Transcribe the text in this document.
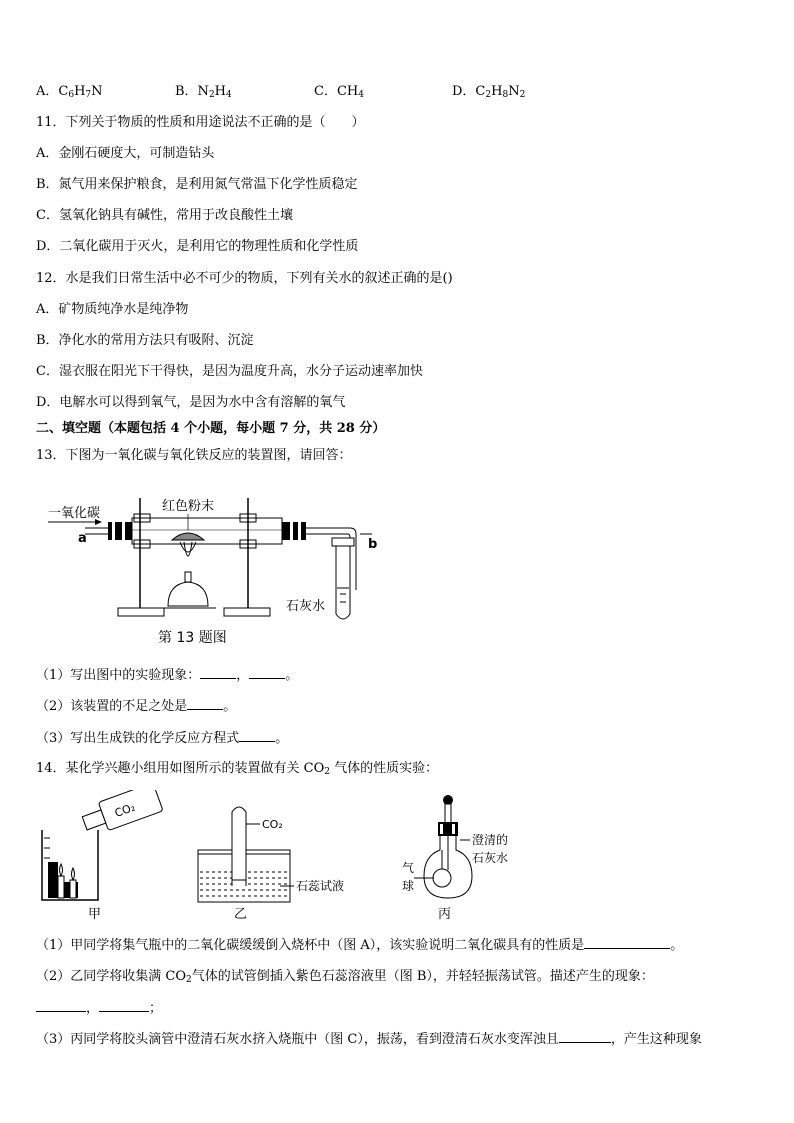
A．$C_6H_7N$	B．$N_2H_4$	C．$CH_4$	D．$C_2H_8N_2$
11．下列关于物质的性质和用途说法不正确的是（　　）
A．金刚石硬度大，可制造钻头
B．氮气用来保护粮食，是利用氮气常温下化学性质稳定
C．氢氧化钠具有碱性，常用于改良酸性土壤
D．二氧化碳用于灭火，是利用它的物理性质和化学性质
12．水是我们日常生活中必不可少的物质，下列有关水的叙述正确的是()
A．矿物质纯净水是纯净物
B．净化水的常用方法只有吸附、沉淀
C．湿衣服在阳光下干得快，是因为温度升高，水分子运动速率加快
D．电解水可以得到氧气，是因为水中含有溶解的氧气
二、填空题（本题包括 4 个小题，每小题 7 分，共 28 分）
13．下图为一氧化碳与氧化铁反应的装置图，请回答：
一氧化碳
a	b
石灰水
红色粉末
第 13 题图
（1）写出图中的实验现象：	，	。
（2）该装置的不足之处是	。
（3）写出生成铁的化学反应方程式	。
14．某化学兴趣小组用如图所示的装置做有关 $CO_2$ 气体的性质实验：
CO₂
甲
CO₂
石蕊试液
乙
澄清的
石灰水
气
球
丙
（1）甲同学将集气瓶中的二氧化碳缓缓倒入烧杯中（图 A），该实验说明二氧化碳具有的性质是	。
（2）乙同学将收集满 $CO_2$气体的试管倒插入紫色石蕊溶液里（图 B），并轻轻振荡试管。描述产生的现象：
，	；
（3）丙同学将胶头滴管中澄清石灰水挤入烧瓶中（图 C），振荡，看到澄清石灰水变浑浊且	，产生这种现象
